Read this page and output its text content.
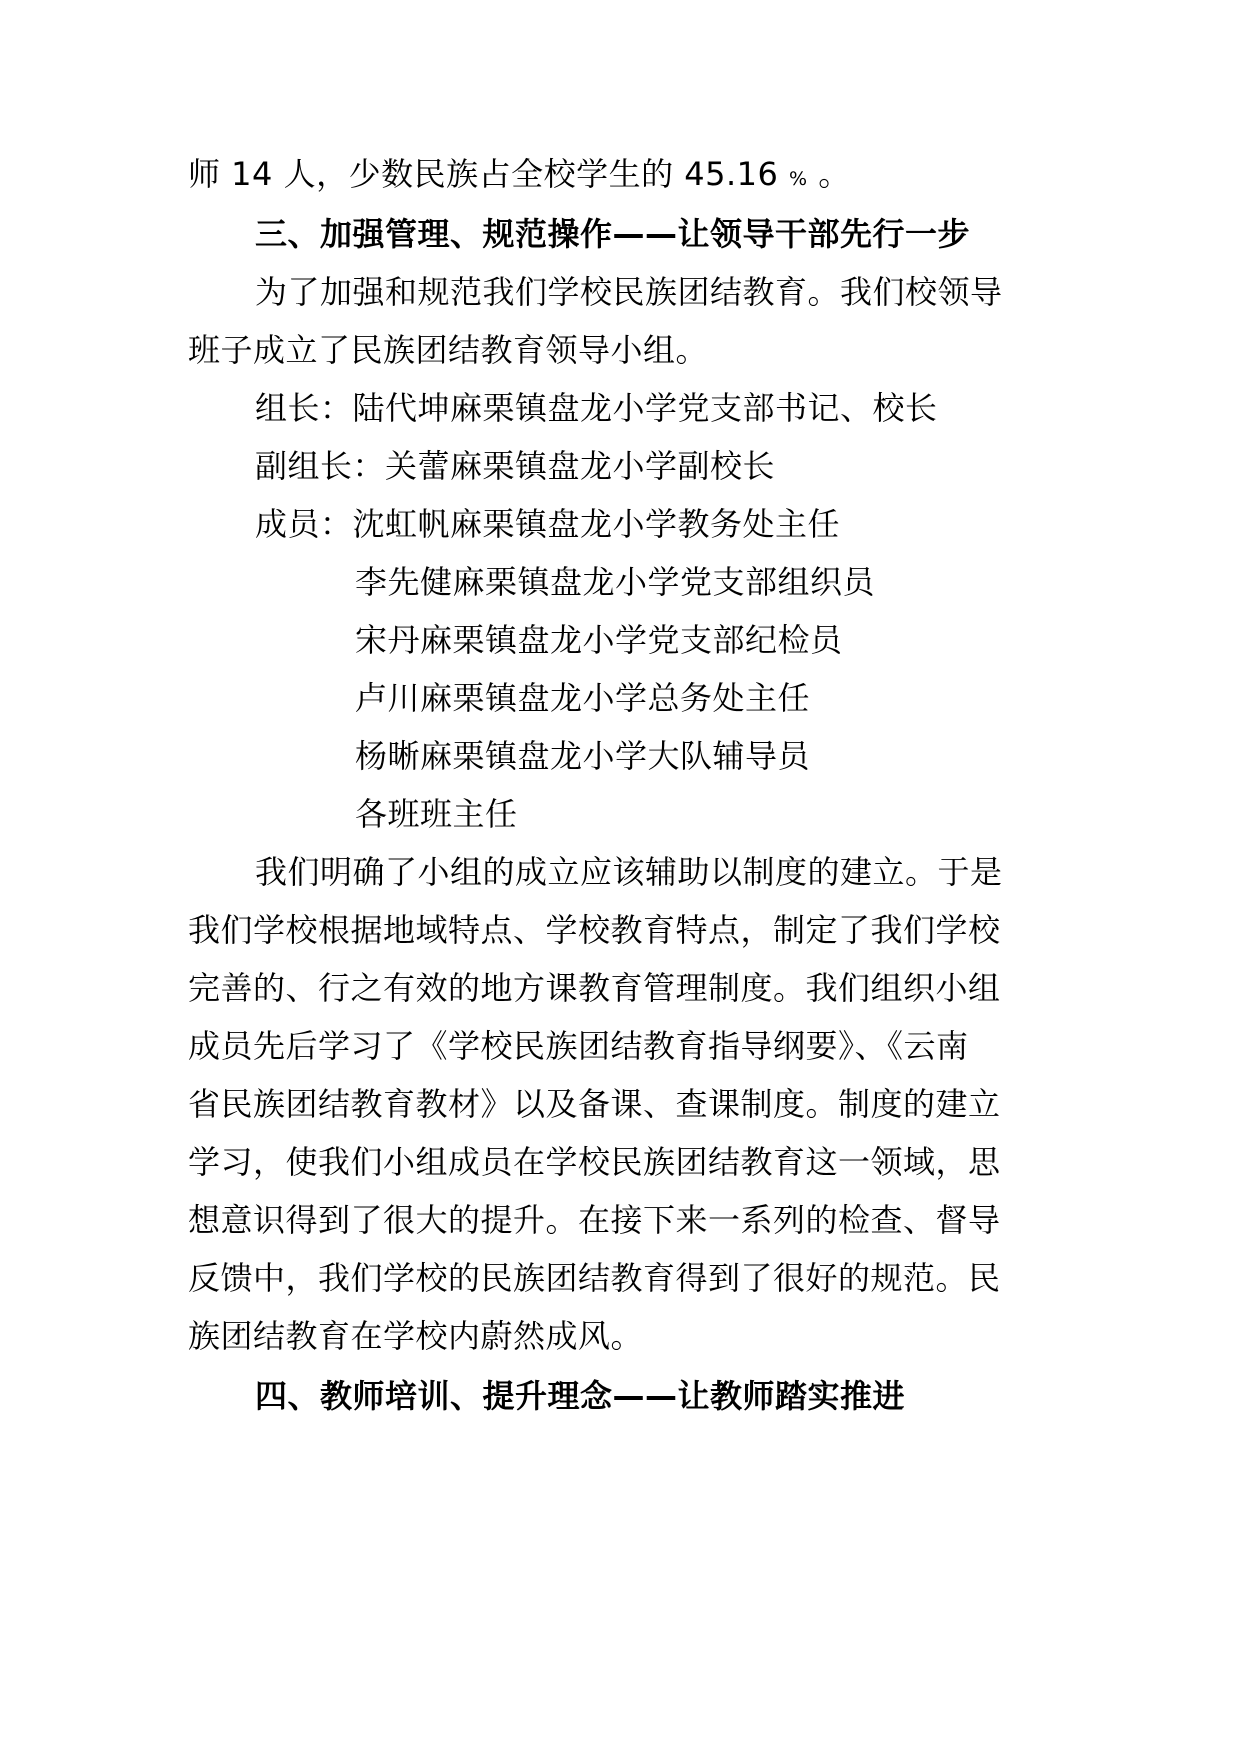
师 14 人，少数民族占全校学生的 45.16 % 。

三、加强管理、规范操作——让领导干部先行一步

为了加强和规范我们学校民族团结教育。我们校领导

班子成立了民族团结教育领导小组。

组长：陆代坤麻栗镇盘龙小学党支部书记、校长

副组长：关蕾麻栗镇盘龙小学副校长

成员：沈虹帆麻栗镇盘龙小学教务处主任

李先健麻栗镇盘龙小学党支部组织员

宋丹麻栗镇盘龙小学党支部纪检员

卢川麻栗镇盘龙小学总务处主任

杨晰麻栗镇盘龙小学大队辅导员

各班班主任

我们明确了小组的成立应该辅助以制度的建立。于是

我们学校根据地域特点、学校教育特点，制定了我们学校

完善的、行之有效的地方课教育管理制度。我们组织小组

成员先后学习了《学校民族团结教育指导纲要》、《云南

省民族团结教育教材》以及备课、查课制度。制度的建立

学习，使我们小组成员在学校民族团结教育这一领域，思

想意识得到了很大的提升。在接下来一系列的检查、督导

反馈中，我们学校的民族团结教育得到了很好的规范。民

族团结教育在学校内蔚然成风。

四、教师培训、提升理念——让教师踏实推进
